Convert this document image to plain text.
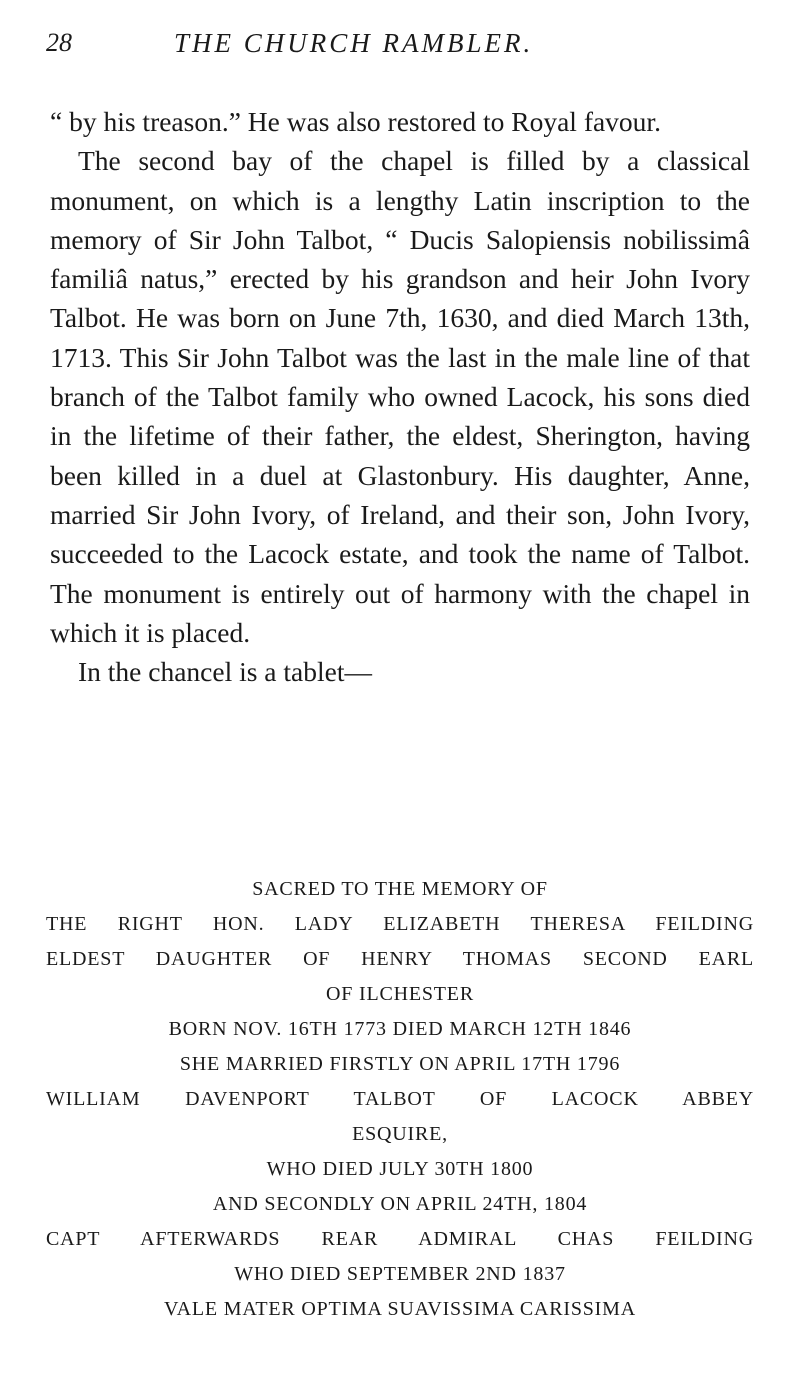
28	THE CHURCH RAMBLER.

“ by his treason.” He was also restored to Royal favour.

The second bay of the chapel is filled by a classical monument, on which is a lengthy Latin inscription to the memory of Sir John Talbot, “ Ducis Salopiensis nobilissimâ familiâ natus,” erected by his grandson and heir John Ivory Talbot. He was born on June 7th, 1630, and died March 13th, 1713. This Sir John Talbot was the last in the male line of that branch of the Talbot family who owned Lacock, his sons died in the lifetime of their father, the eldest, Sherington, having been killed in a duel at Glastonbury. His daughter, Anne, married Sir John Ivory, of Ireland, and their son, John Ivory, succeeded to the Lacock estate, and took the name of Talbot. The monument is entirely out of harmony with the chapel in which it is placed.

In the chancel is a tablet—

SACRED TO THE MEMORY OF
THE RIGHT HON. LADY ELIZABETH THERESA FEILDING
ELDEST DAUGHTER OF HENRY THOMAS SECOND EARL
OF ILCHESTER
BORN NOV. 16TH 1773 DIED MARCH 12TH 1846
SHE MARRIED FIRSTLY ON APRIL 17TH 1796
WILLIAM DAVENPORT TALBOT OF LACOCK ABBEY
ESQUIRE,
WHO DIED JULY 30TH 1800
AND SECONDLY ON APRIL 24TH, 1804
CAPT AFTERWARDS REAR ADMIRAL CHAS FEILDING
WHO DIED SEPTEMBER 2ND 1837
VALE MATER OPTIMA SUAVISSIMA CARISSIMA
